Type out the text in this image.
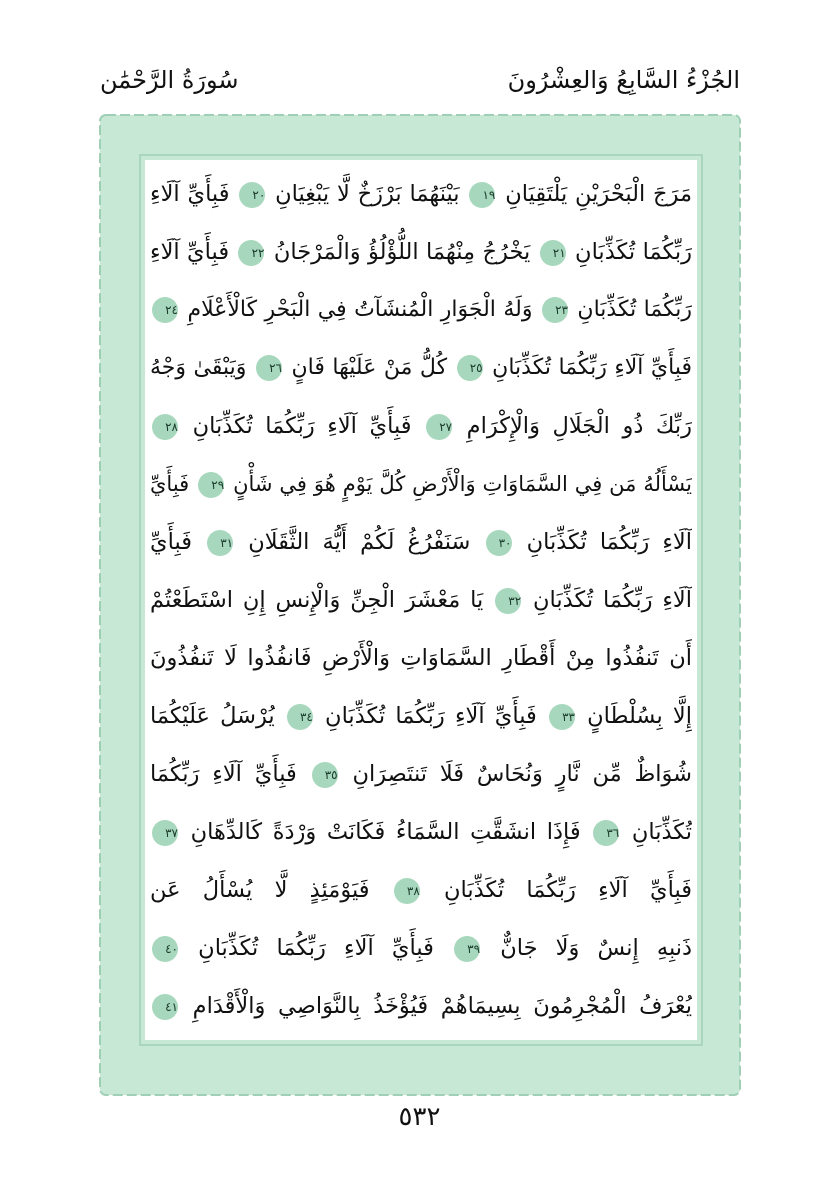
الجُزْءُ السَّابِعُ وَالعِشْرُونَ
سُورَةُ الرَّحْمَٰن
مَرَجَ الْبَحْرَيْنِ يَلْتَقِيَانِ ١٩ بَيْنَهُمَا بَرْزَخٌ لَّا يَبْغِيَانِ ٢٠ فَبِأَيِّ آلَاءِ
رَبِّكُمَا تُكَذِّبَانِ ٢١ يَخْرُجُ مِنْهُمَا اللُّؤْلُؤُ وَالْمَرْجَانُ ٢٢ فَبِأَيِّ آلَاءِ
رَبِّكُمَا تُكَذِّبَانِ ٢٣ وَلَهُ الْجَوَارِ الْمُنشَآتُ فِي الْبَحْرِ كَالْأَعْلَامِ ٢٤
فَبِأَيِّ آلَاءِ رَبِّكُمَا تُكَذِّبَانِ ٢٥ كُلُّ مَنْ عَلَيْهَا فَانٍ ٢٦ وَيَبْقَىٰ وَجْهُ
رَبِّكَ ذُو الْجَلَالِ وَالْإِكْرَامِ ٢٧ فَبِأَيِّ آلَاءِ رَبِّكُمَا تُكَذِّبَانِ ٢٨
يَسْأَلُهُ مَن فِي السَّمَاوَاتِ وَالْأَرْضِ كُلَّ يَوْمٍ هُوَ فِي شَأْنٍ ٢٩ فَبِأَيِّ
آلَاءِ رَبِّكُمَا تُكَذِّبَانِ ٣٠ سَنَفْرُغُ لَكُمْ أَيُّهَ الثَّقَلَانِ ٣١ فَبِأَيِّ
آلَاءِ رَبِّكُمَا تُكَذِّبَانِ ٣٢ يَا مَعْشَرَ الْجِنِّ وَالْإِنسِ إِنِ اسْتَطَعْتُمْ
أَن تَنفُذُوا مِنْ أَقْطَارِ السَّمَاوَاتِ وَالْأَرْضِ فَانفُذُوا لَا تَنفُذُونَ
إِلَّا بِسُلْطَانٍ ٣٣ فَبِأَيِّ آلَاءِ رَبِّكُمَا تُكَذِّبَانِ ٣٤ يُرْسَلُ عَلَيْكُمَا
شُوَاظٌ مِّن نَّارٍ وَنُحَاسٌ فَلَا تَنتَصِرَانِ ٣٥ فَبِأَيِّ آلَاءِ رَبِّكُمَا
تُكَذِّبَانِ ٣٦ فَإِذَا انشَقَّتِ السَّمَاءُ فَكَانَتْ وَرْدَةً كَالدِّهَانِ ٣٧
فَبِأَيِّ آلَاءِ رَبِّكُمَا تُكَذِّبَانِ ٣٨ فَيَوْمَئِذٍ لَّا يُسْأَلُ عَن
ذَنبِهِ إِنسٌ وَلَا جَانٌّ ٣٩ فَبِأَيِّ آلَاءِ رَبِّكُمَا تُكَذِّبَانِ ٤٠
يُعْرَفُ الْمُجْرِمُونَ بِسِيمَاهُمْ فَيُؤْخَذُ بِالنَّوَاصِي وَالْأَقْدَامِ ٤١
٥٣٢
